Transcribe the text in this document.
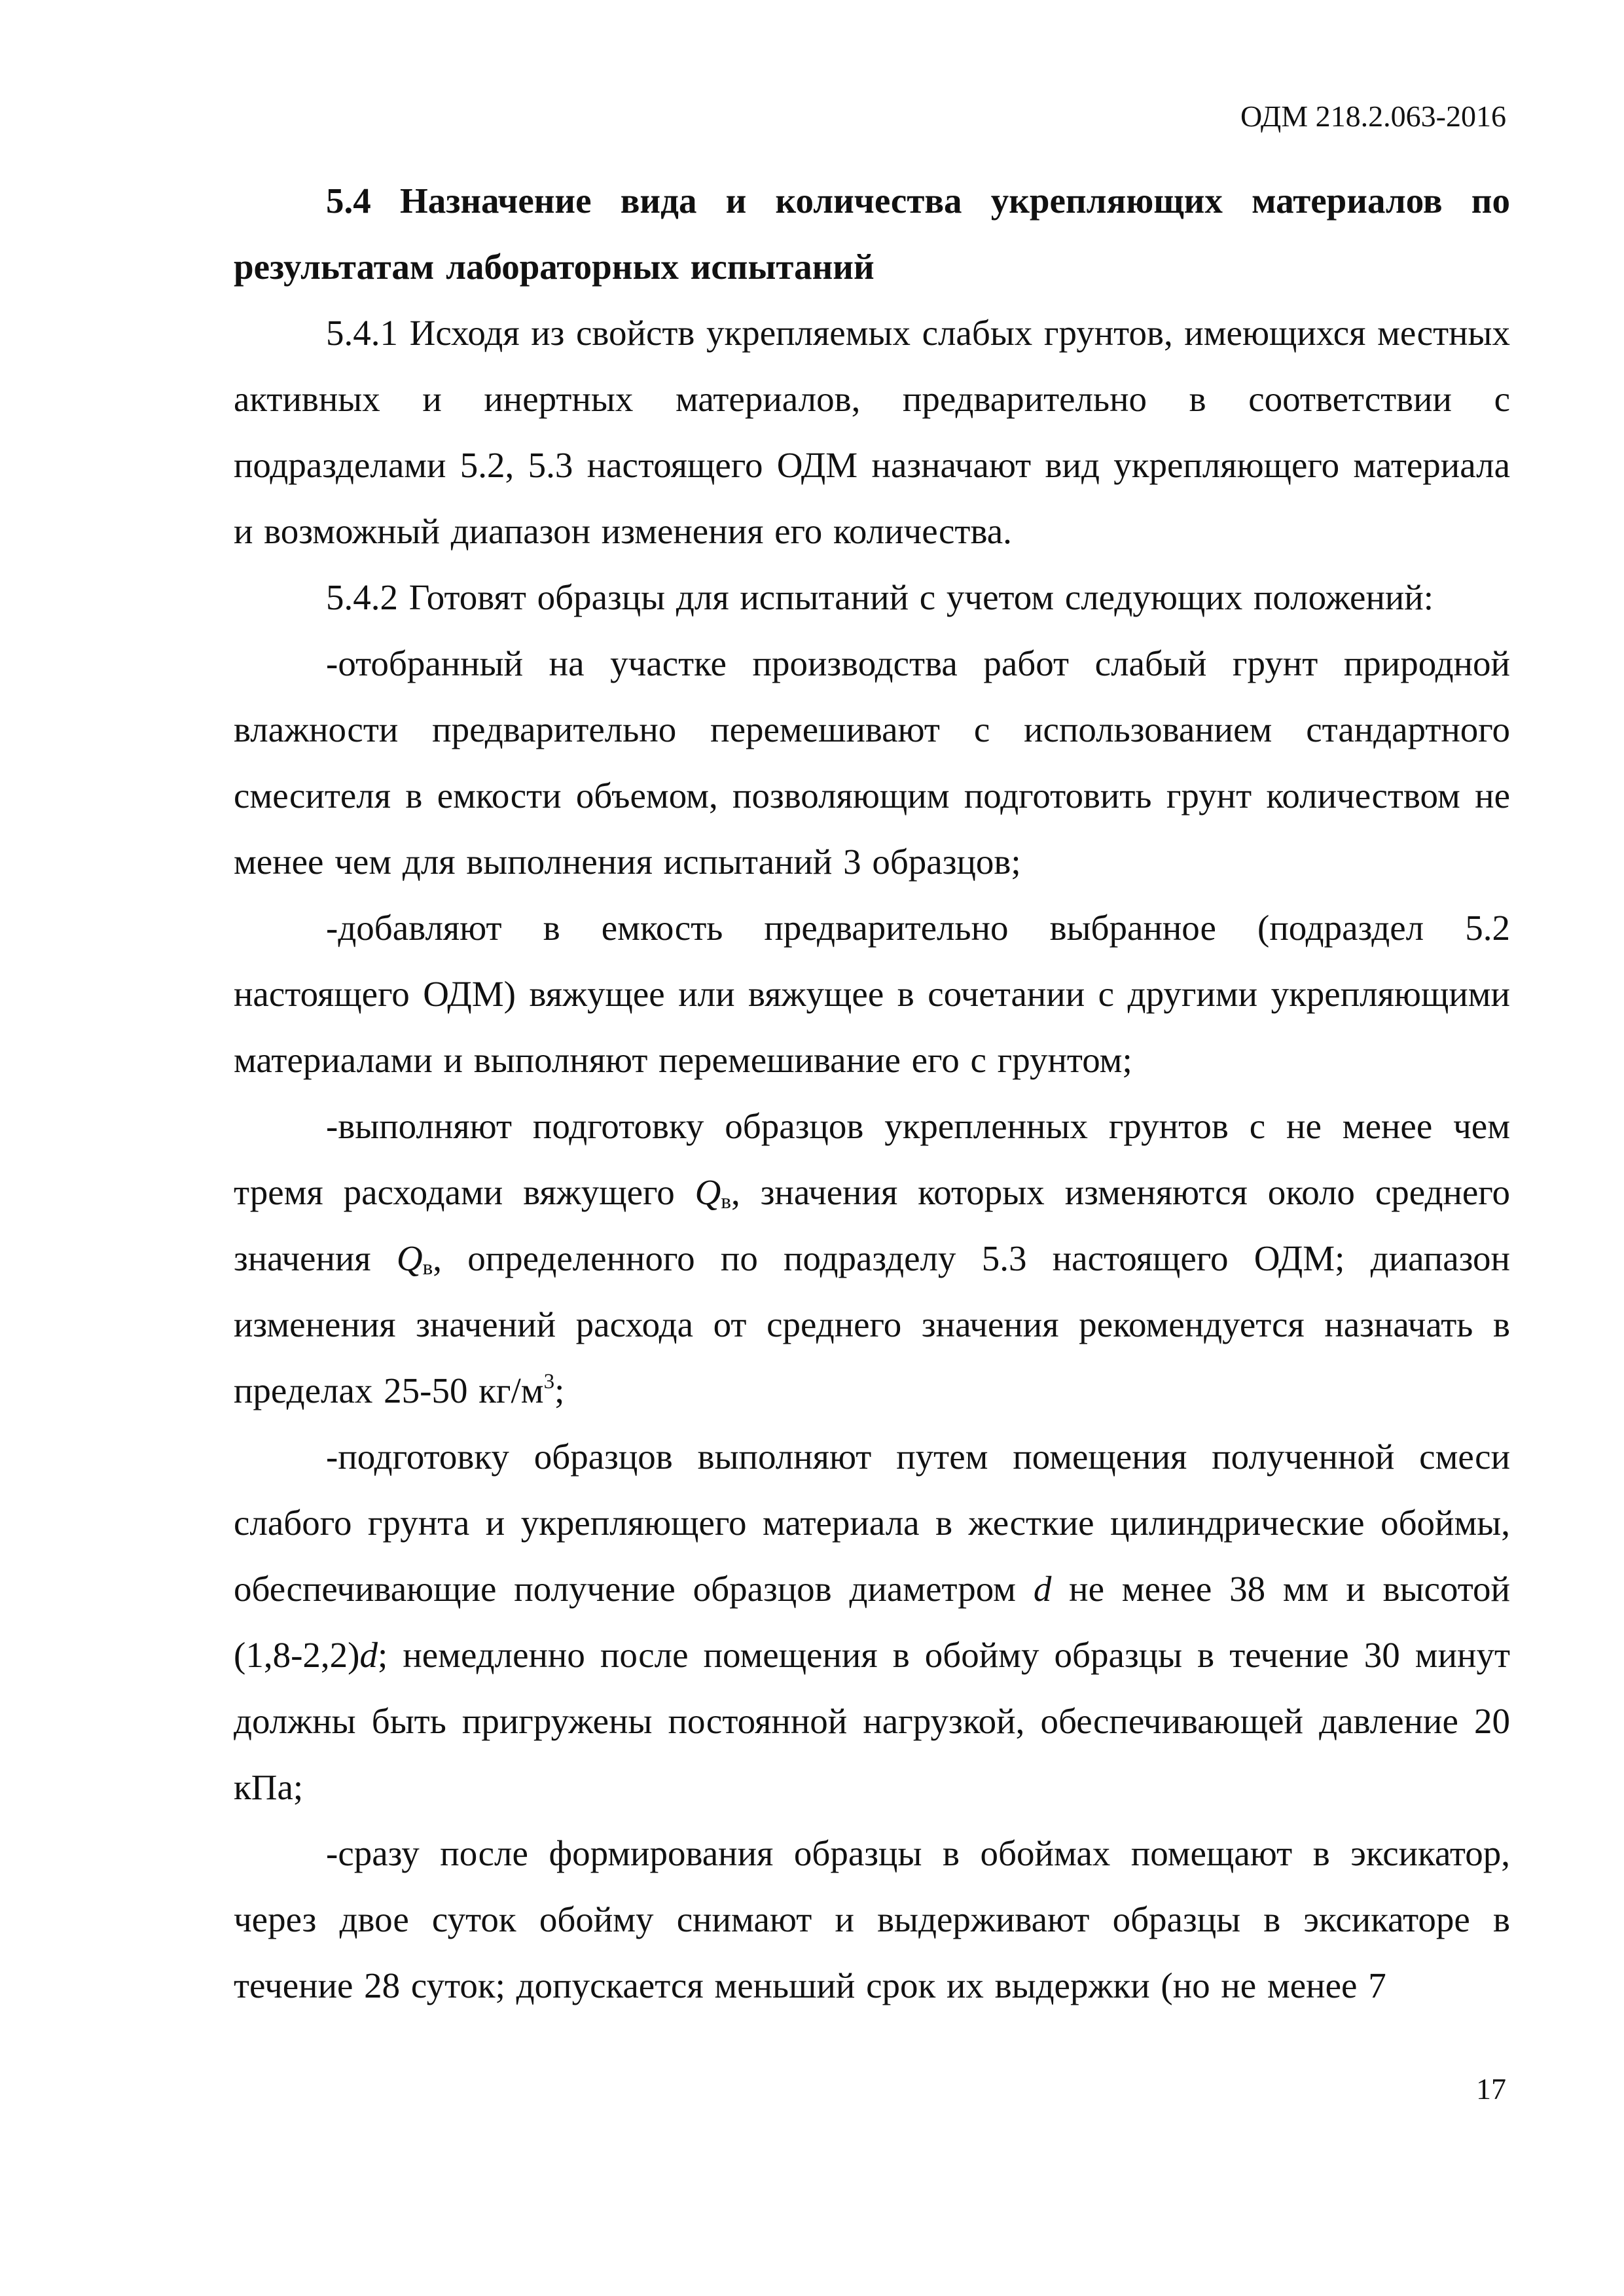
ОДМ 218.2.063-2016

5.4 Назначение вида и количества укрепляющих материалов по результатам лабораторных испытаний

5.4.1 Исходя из свойств укрепляемых слабых грунтов, имеющихся местных активных и инертных материалов, предварительно в соответствии с подразделами 5.2, 5.3 настоящего ОДМ назначают вид укрепляющего материала и возможный диапазон изменения его количества.

5.4.2 Готовят образцы для испытаний с учетом следующих положений:

-отобранный на участке производства работ слабый грунт природной влажности предварительно перемешивают с использованием стандартного смесителя в емкости объемом, позволяющим подготовить грунт количеством не менее чем для выполнения испытаний 3 образцов;

-добавляют в емкость предварительно выбранное (подраздел 5.2 настоящего ОДМ) вяжущее или вяжущее в сочетании с другими укрепляющими материалами и выполняют перемешивание его с грунтом;

-выполняют подготовку образцов укрепленных грунтов с не менее чем тремя расходами вяжущего $Q_в$, значения которых изменяются около среднего значения $Q_в$, определенного по подразделу 5.3 настоящего ОДМ; диапазон изменения значений расхода от среднего значения рекомендуется назначать в пределах 25-50 $кг/м^3$;

-подготовку образцов выполняют путем помещения полученной смеси слабого грунта и укрепляющего материала в жесткие цилиндрические обоймы, обеспечивающие получение образцов диаметром d не менее 38 мм и высотой (1,8-2,2)d; немедленно после помещения в обойму образцы в течение 30 минут должны быть пригружены постоянной нагрузкой, обеспечивающей давление 20 кПа;

-сразу после формирования образцы в обоймах помещают в эксикатор, через двое суток обойму снимают и выдерживают образцы в эксикаторе в течение 28 суток; допускается меньший срок их выдержки (но не менее 7

17
